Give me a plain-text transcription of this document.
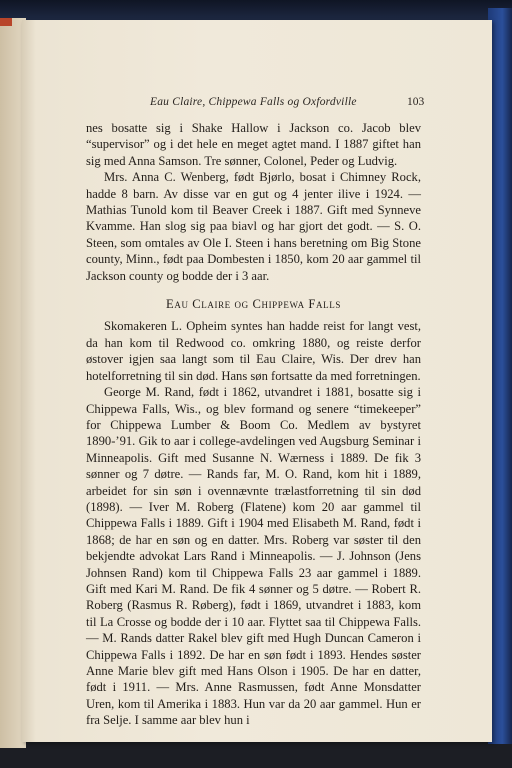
Eau Claire, Chippewa Falls og Oxfordville	103

nes bosatte sig i Shake Hallow i Jackson co. Jacob blev “supervisor” og i det hele en meget agtet mand. I 1887 giftet han sig med Anna Samson. Tre sønner, Colonel, Peder og Ludvig.

Mrs. Anna C. Wenberg, født Bjørlo, bosat i Chimney Rock, hadde 8 barn. Av disse var en gut og 4 jenter ilive i 1924. — Mathias Tunold kom til Beaver Creek i 1887. Gift med Synneve Kvamme. Han slog sig paa biavl og har gjort det godt. — S. O. Steen, som omtales av Ole I. Steen i hans beretning om Big Stone county, Minn., født paa Dombesten i 1850, kom 20 aar gammel til Jackson county og bodde der i 3 aar.

Eau Claire og Chippewa Falls

Skomakeren L. Opheim syntes han hadde reist for langt vest, da han kom til Redwood co. omkring 1880, og reiste derfor østover igjen saa langt som til Eau Claire, Wis. Der drev han hotelforretning til sin død. Hans søn fortsatte da med forretningen.

George M. Rand, født i 1862, utvandret i 1881, bosatte sig i Chippewa Falls, Wis., og blev formand og senere “timekeeper” for Chippewa Lumber & Boom Co. Medlem av bystyret 1890-’91. Gik to aar i college-avdelingen ved Augsburg Seminar i Minneapolis. Gift med Susanne N. Wærness i 1889. De fik 3 sønner og 7 døtre. — Rands far, M. O. Rand, kom hit i 1889, arbeidet for sin søn i ovennævnte trælastforretning til sin død (1898). — Iver M. Roberg (Flatene) kom 20 aar gammel til Chippewa Falls i 1889. Gift i 1904 med Elisabeth M. Rand, født i 1868; de har en søn og en datter. Mrs. Roberg var søster til den bekjendte advokat Lars Rand i Minneapolis. — J. Johnson (Jens Johnsen Rand) kom til Chippewa Falls 23 aar gammel i 1889. Gift med Kari M. Rand. De fik 4 sønner og 5 døtre. — Robert R. Roberg (Rasmus R. Røberg), født i 1869, utvandret i 1883, kom til La Crosse og bodde der i 10 aar. Flyttet saa til Chippewa Falls. — M. Rands datter Rakel blev gift med Hugh Duncan Cameron i Chippewa Falls i 1892. De har en søn født i 1893. Hendes søster Anne Marie blev gift med Hans Olson i 1905. De har en datter, født i 1911. — Mrs. Anne Rasmussen, født Anne Monsdatter Uren, kom til Amerika i 1883. Hun var da 20 aar gammel. Hun er fra Selje. I samme aar blev hun i
